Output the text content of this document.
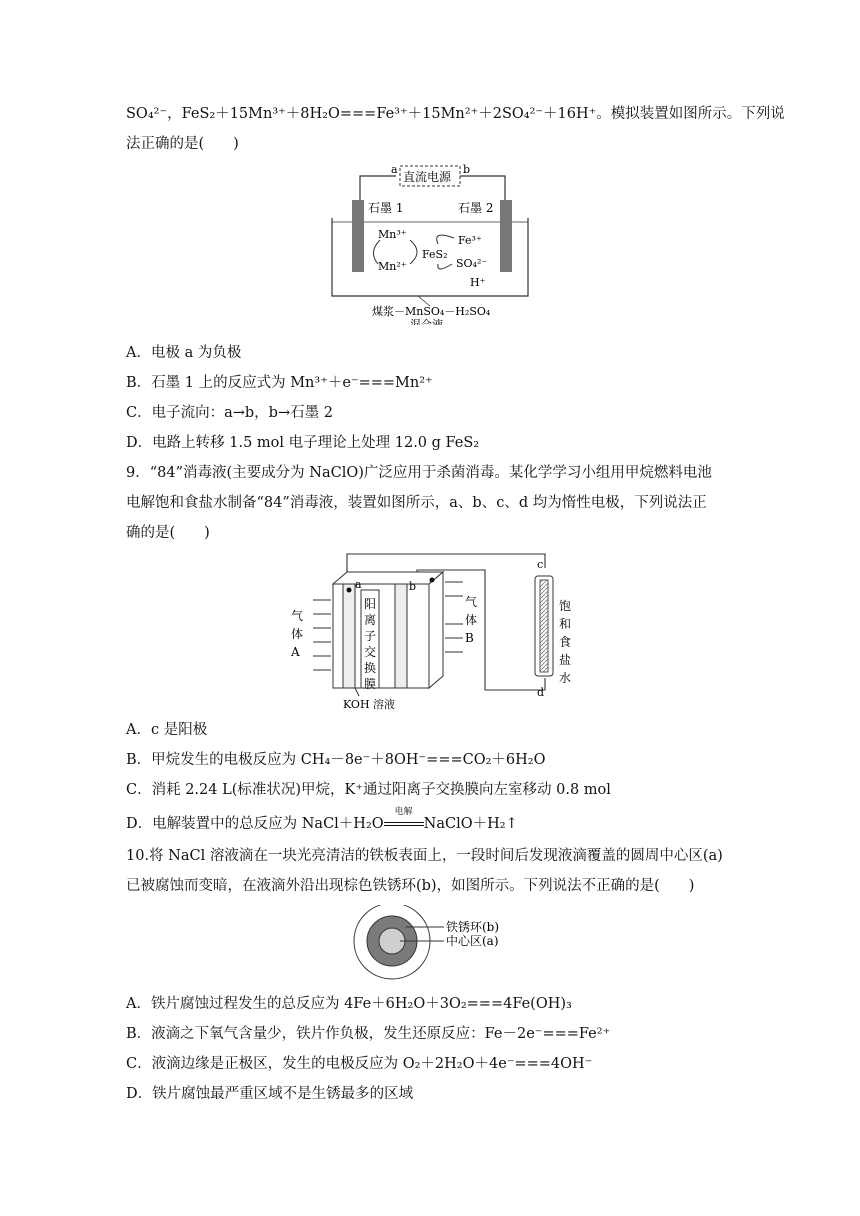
SO₄²⁻，FeS₂＋15Mn³⁺＋8H₂O===Fe³⁺＋15Mn²⁺＋2SO₄²⁻＋16H⁺。模拟装置如图所示。下列说
法正确的是(　　)
直流电源
a	b
石墨 1	石墨 2
Mn³⁺
Mn²⁺
FeS₂
Fe³⁺
SO₄²⁻
H⁺
煤浆－MnSO₄－H₂SO₄
混合液
A．电极 a 为负极
B．石墨 1 上的反应式为 Mn³⁺＋e⁻===Mn²⁺
C．电子流向：a→b，b→石墨 2
D．电路上转移 1.5 mol 电子理论上处理 12.0 g FeS₂
9．“84”消毒液(主要成分为 NaClO)广泛应用于杀菌消毒。某化学学习小组用甲烷燃料电池
电解饱和食盐水制备“84”消毒液，装置如图所示，a、b、c、d 均为惰性电极，下列说法正
确的是(　　)
a	b
阳
离
子
交
换
膜
气
体
A
气
体
B
KOH 溶液
c
d
饱
和
食
盐
水
A．c 是阳极
B．甲烷发生的电极反应为 CH₄－8e⁻＋8OH⁻===CO₂＋6H₂O
C．消耗 2.24 L(标准状况)甲烷，K⁺通过阳离子交换膜向左室移动 0.8 mol
D．电解装置中的总反应为 NaCl＋H₂O
电解
NaClO＋H₂↑
10.将 NaCl 溶液滴在一块光亮清洁的铁板表面上，一段时间后发现液滴覆盖的圆周中心区(a)
已被腐蚀而变暗，在液滴外沿出现棕色铁锈环(b)，如图所示。下列说法不正确的是(　　)
铁锈环(b)
中心区(a)
A．铁片腐蚀过程发生的总反应为 4Fe＋6H₂O＋3O₂===4Fe(OH)₃
B．液滴之下氧气含量少，铁片作负极，发生还原反应：Fe－2e⁻===Fe²⁺
C．液滴边缘是正极区，发生的电极反应为 O₂＋2H₂O＋4e⁻===4OH⁻
D．铁片腐蚀最严重区域不是生锈最多的区域
